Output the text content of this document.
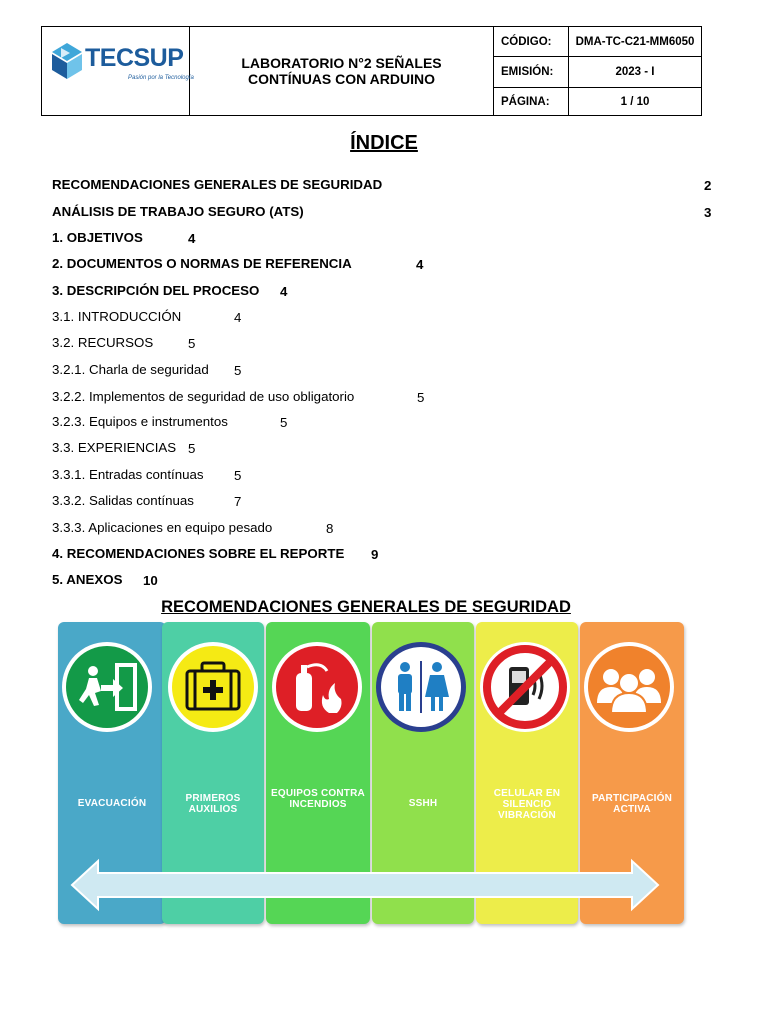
TECSUP
Pasión por la Tecnología
LABORATORIO N°2 SEÑALES CONTÍNUAS CON ARDUINO
CÓDIGO:	DMA-TC-C21-MM6050
EMISIÓN:	2023 - I
PÁGINA:	1 / 10
ÍNDICE
RECOMENDACIONES GENERALES DE SEGURIDAD	2
ANÁLISIS DE TRABAJO SEGURO (ATS)	3
1. OBJETIVOS	4
2. DOCUMENTOS O NORMAS DE REFERENCIA	4
3. DESCRIPCIÓN DEL PROCESO 4
3.1. INTRODUCCIÓN	4
3.2. RECURSOS	5
3.2.1. Charla de seguridad 5
3.2.2. Implementos de seguridad de uso obligatorio	5
3.2.3. Equipos e instrumentos	5
3.3. EXPERIENCIAS 5
3.3.1. Entradas contínuas 5
3.3.2. Salidas contínuas	7
3.3.3. Aplicaciones en equipo pesado	8
4. RECOMENDACIONES SOBRE EL REPORTE 9
5. ANEXOS 10
RECOMENDACIONES GENERALES DE SEGURIDAD
EVACUACIÓN	PRIMEROS AUXILIOS
EQUIPOS CONTRA INCENDIOS	SSHH
CELULAR EN SILENCIO VIBRACIÓN
PARTICIPACIÓN ACTIVA
